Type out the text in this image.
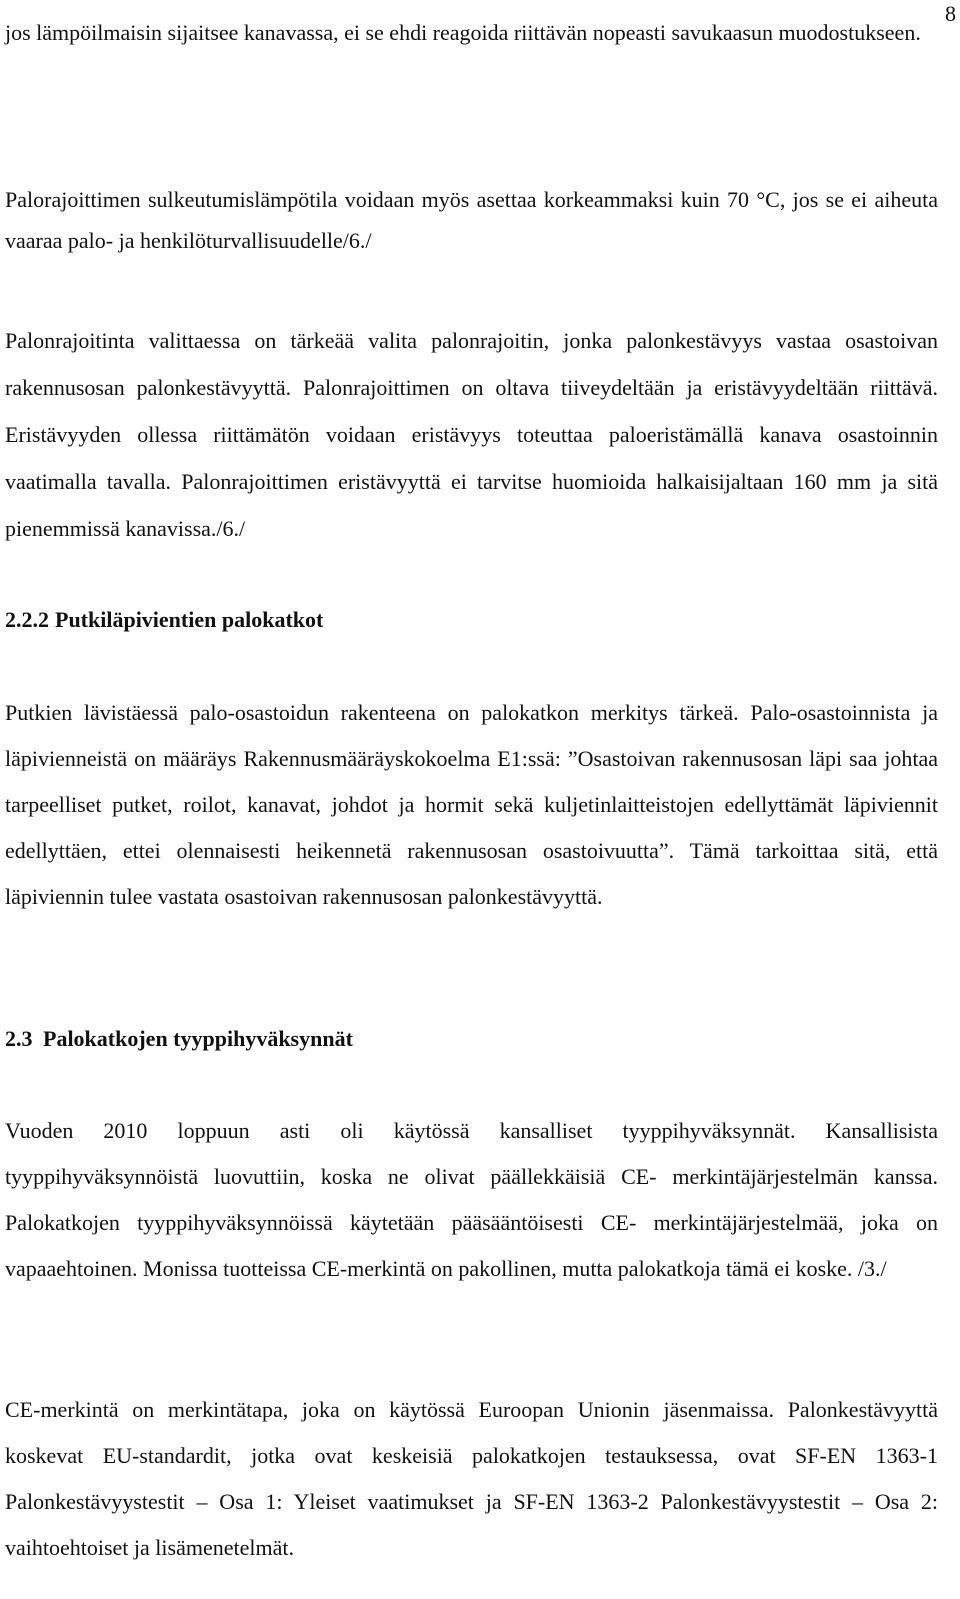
8

jos lämpöilmaisin sijaitsee kanavassa, ei se ehdi reagoida riittävän nopeasti savukaasun muodostukseen.

Palorajoittimen sulkeutumislämpötila voidaan myös asettaa korkeammaksi kuin 70 °C, jos se ei aiheuta vaaraa palo- ja henkilöturvallisuudelle/6./

Palonrajoitinta valittaessa on tärkeää valita palonrajoitin, jonka palonkestävyys vastaa osastoivan rakennusosan palonkestävyyttä. Palonrajoittimen on oltava tiiveydeltään ja eristävyydeltään riittävä. Eristävyyden ollessa riittämätön voidaan eristävyys toteuttaa paloeristämällä kanava osastoinnin vaatimalla tavalla. Palonrajoittimen eristävyyttä ei tarvitse huomioida halkaisijaltaan 160 mm ja sitä pienemmissä kanavissa./6./

2.2.2 Putkiläpivientien palokatkot

Putkien lävistäessä palo-osastoidun rakenteena on palokatkon merkitys tärkeä. Palo-osastoinnista ja läpivienneistä on määräys Rakennusmääräyskokoelma E1:ssä: ”Osastoivan rakennusosan läpi saa johtaa tarpeelliset putket, roilot, kanavat, johdot ja hormit sekä kuljetinlaitteistojen edellyttämät läpiviennit edellyttäen, ettei olennaisesti heikennetä rakennusosan osastoivuutta”. Tämä tarkoittaa sitä, että läpiviennin tulee vastata osastoivan rakennusosan palonkestävyyttä.

2.3 Palokatkojen tyyppihyväksynnät

Vuoden 2010 loppuun asti oli käytössä kansalliset tyyppihyväksynnät. Kansallisista tyyppihyväksynnöistä luovuttiin, koska ne olivat päällekkäisiä CE- merkintäjärjestelmän kanssa. Palokatkojen tyyppihyväksynnöissä käytetään pääsääntöisesti CE- merkintäjärjestelmää, joka on vapaaehtoinen. Monissa tuotteissa CE-merkintä on pakollinen, mutta palokatkoja tämä ei koske. /3./

CE-merkintä on merkintätapa, joka on käytössä Euroopan Unionin jäsenmaissa. Palonkestävyyttä koskevat EU-standardit, jotka ovat keskeisiä palokatkojen testauksessa, ovat SF-EN 1363-1 Palonkestävyystestit – Osa 1: Yleiset vaatimukset ja SF-EN 1363-2 Palonkestävyystestit – Osa 2: vaihtoehtoiset ja lisämenetelmät.
